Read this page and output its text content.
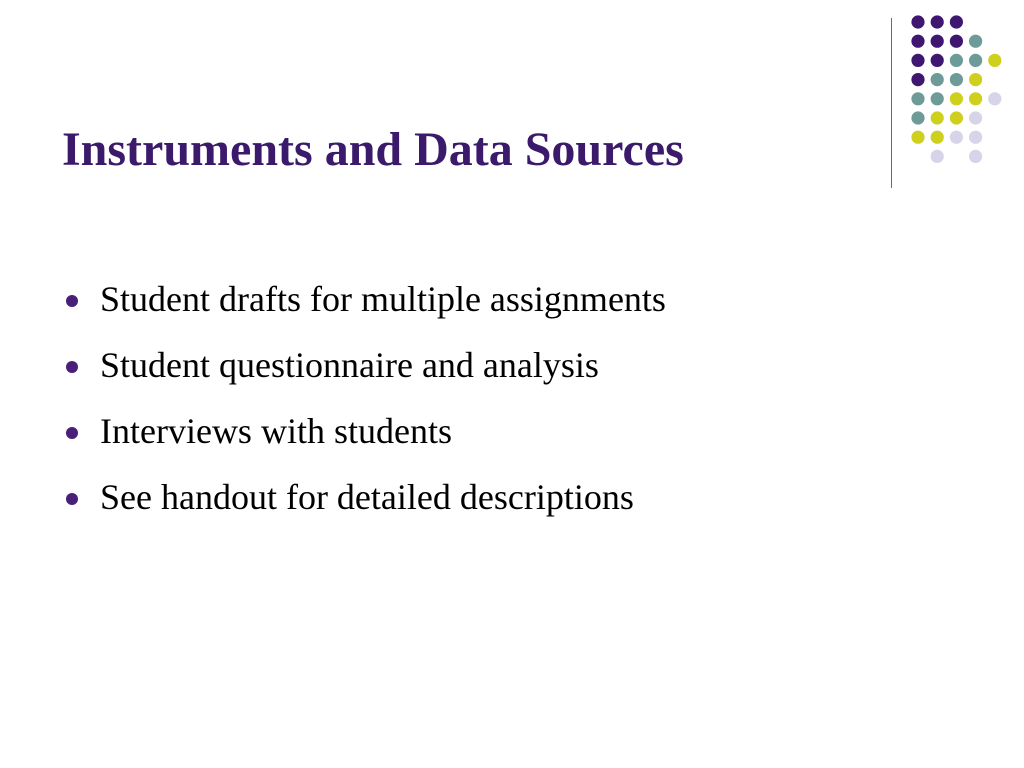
Instruments and Data Sources
Student drafts for multiple assignments
Student questionnaire and analysis
Interviews with students
See handout for detailed descriptions
